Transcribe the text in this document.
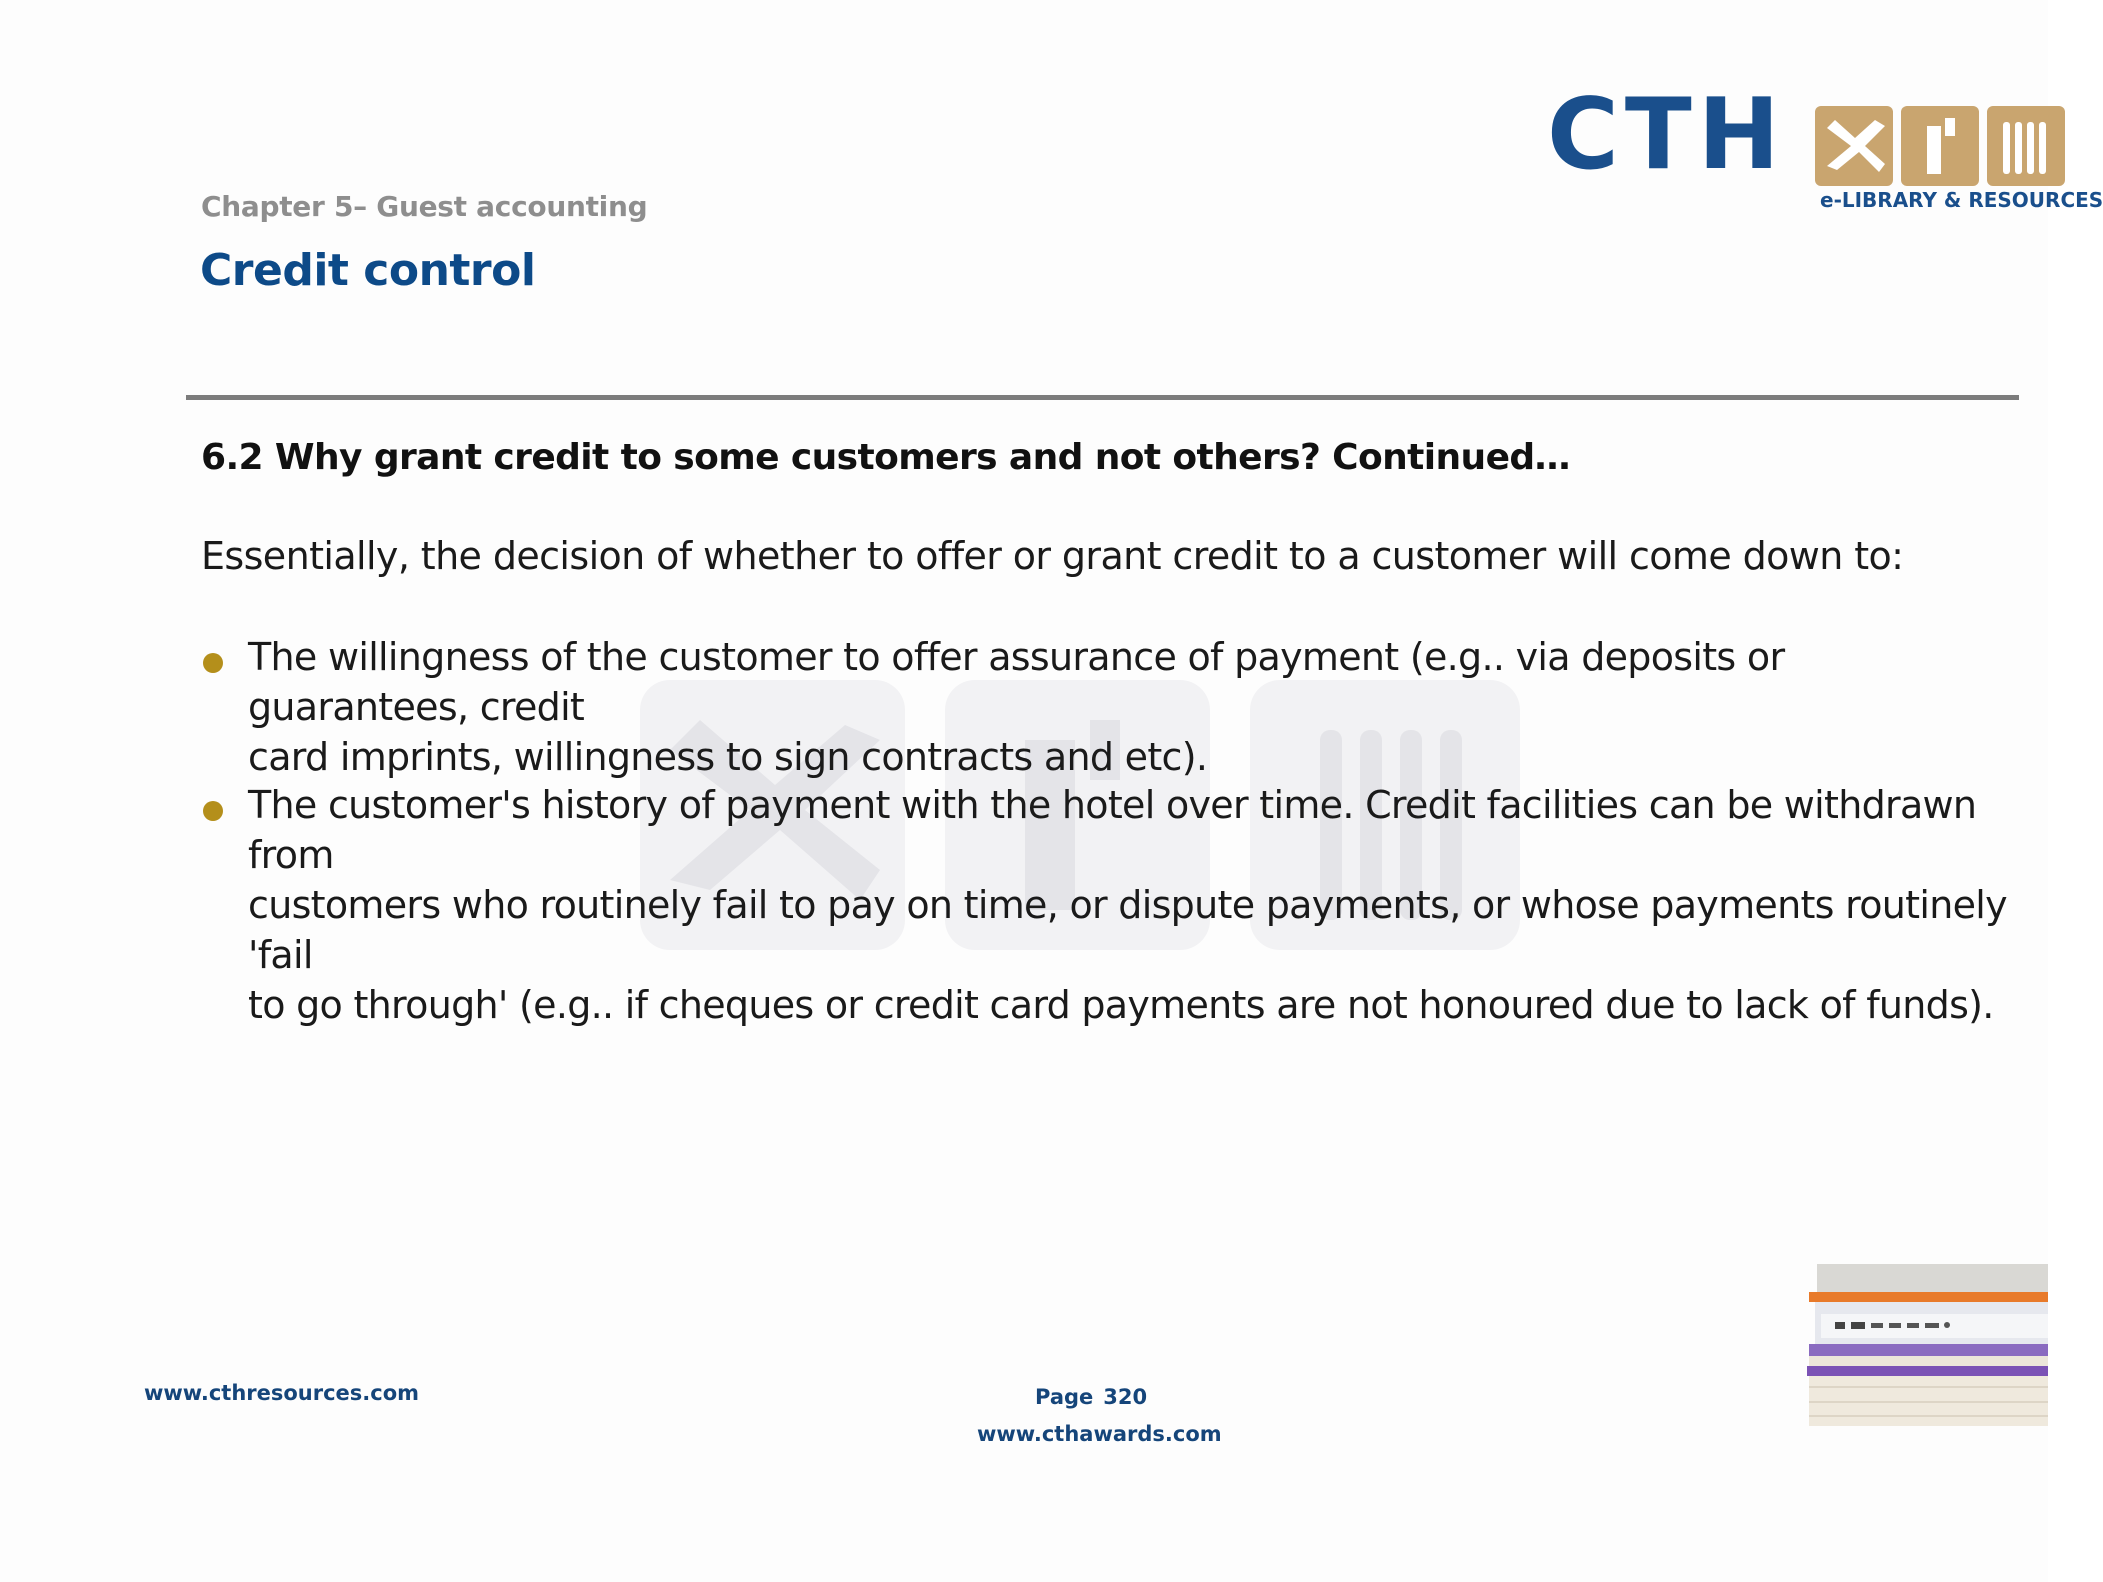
Chapter 5– Guest accounting
Credit control
CTH
e-LIBRARY & RESOURCES
6.2 Why grant credit to some customers and not others? Continued…
Essentially, the decision of whether to offer or grant credit to a customer will come down to:
The willingness of the customer to offer assurance of payment (e.g.. via deposits or guarantees, credit
card imprints, willingness to sign contracts and etc).
The customer's history of payment with the hotel over time. Credit facilities can be withdrawn from
customers who routinely fail to pay on time, or dispute payments, or whose payments routinely 'fail
to go through' (e.g.. if cheques or credit card payments are not honoured due to lack of funds).
www.cthresources.com	Page 320
www.cthawards.com
